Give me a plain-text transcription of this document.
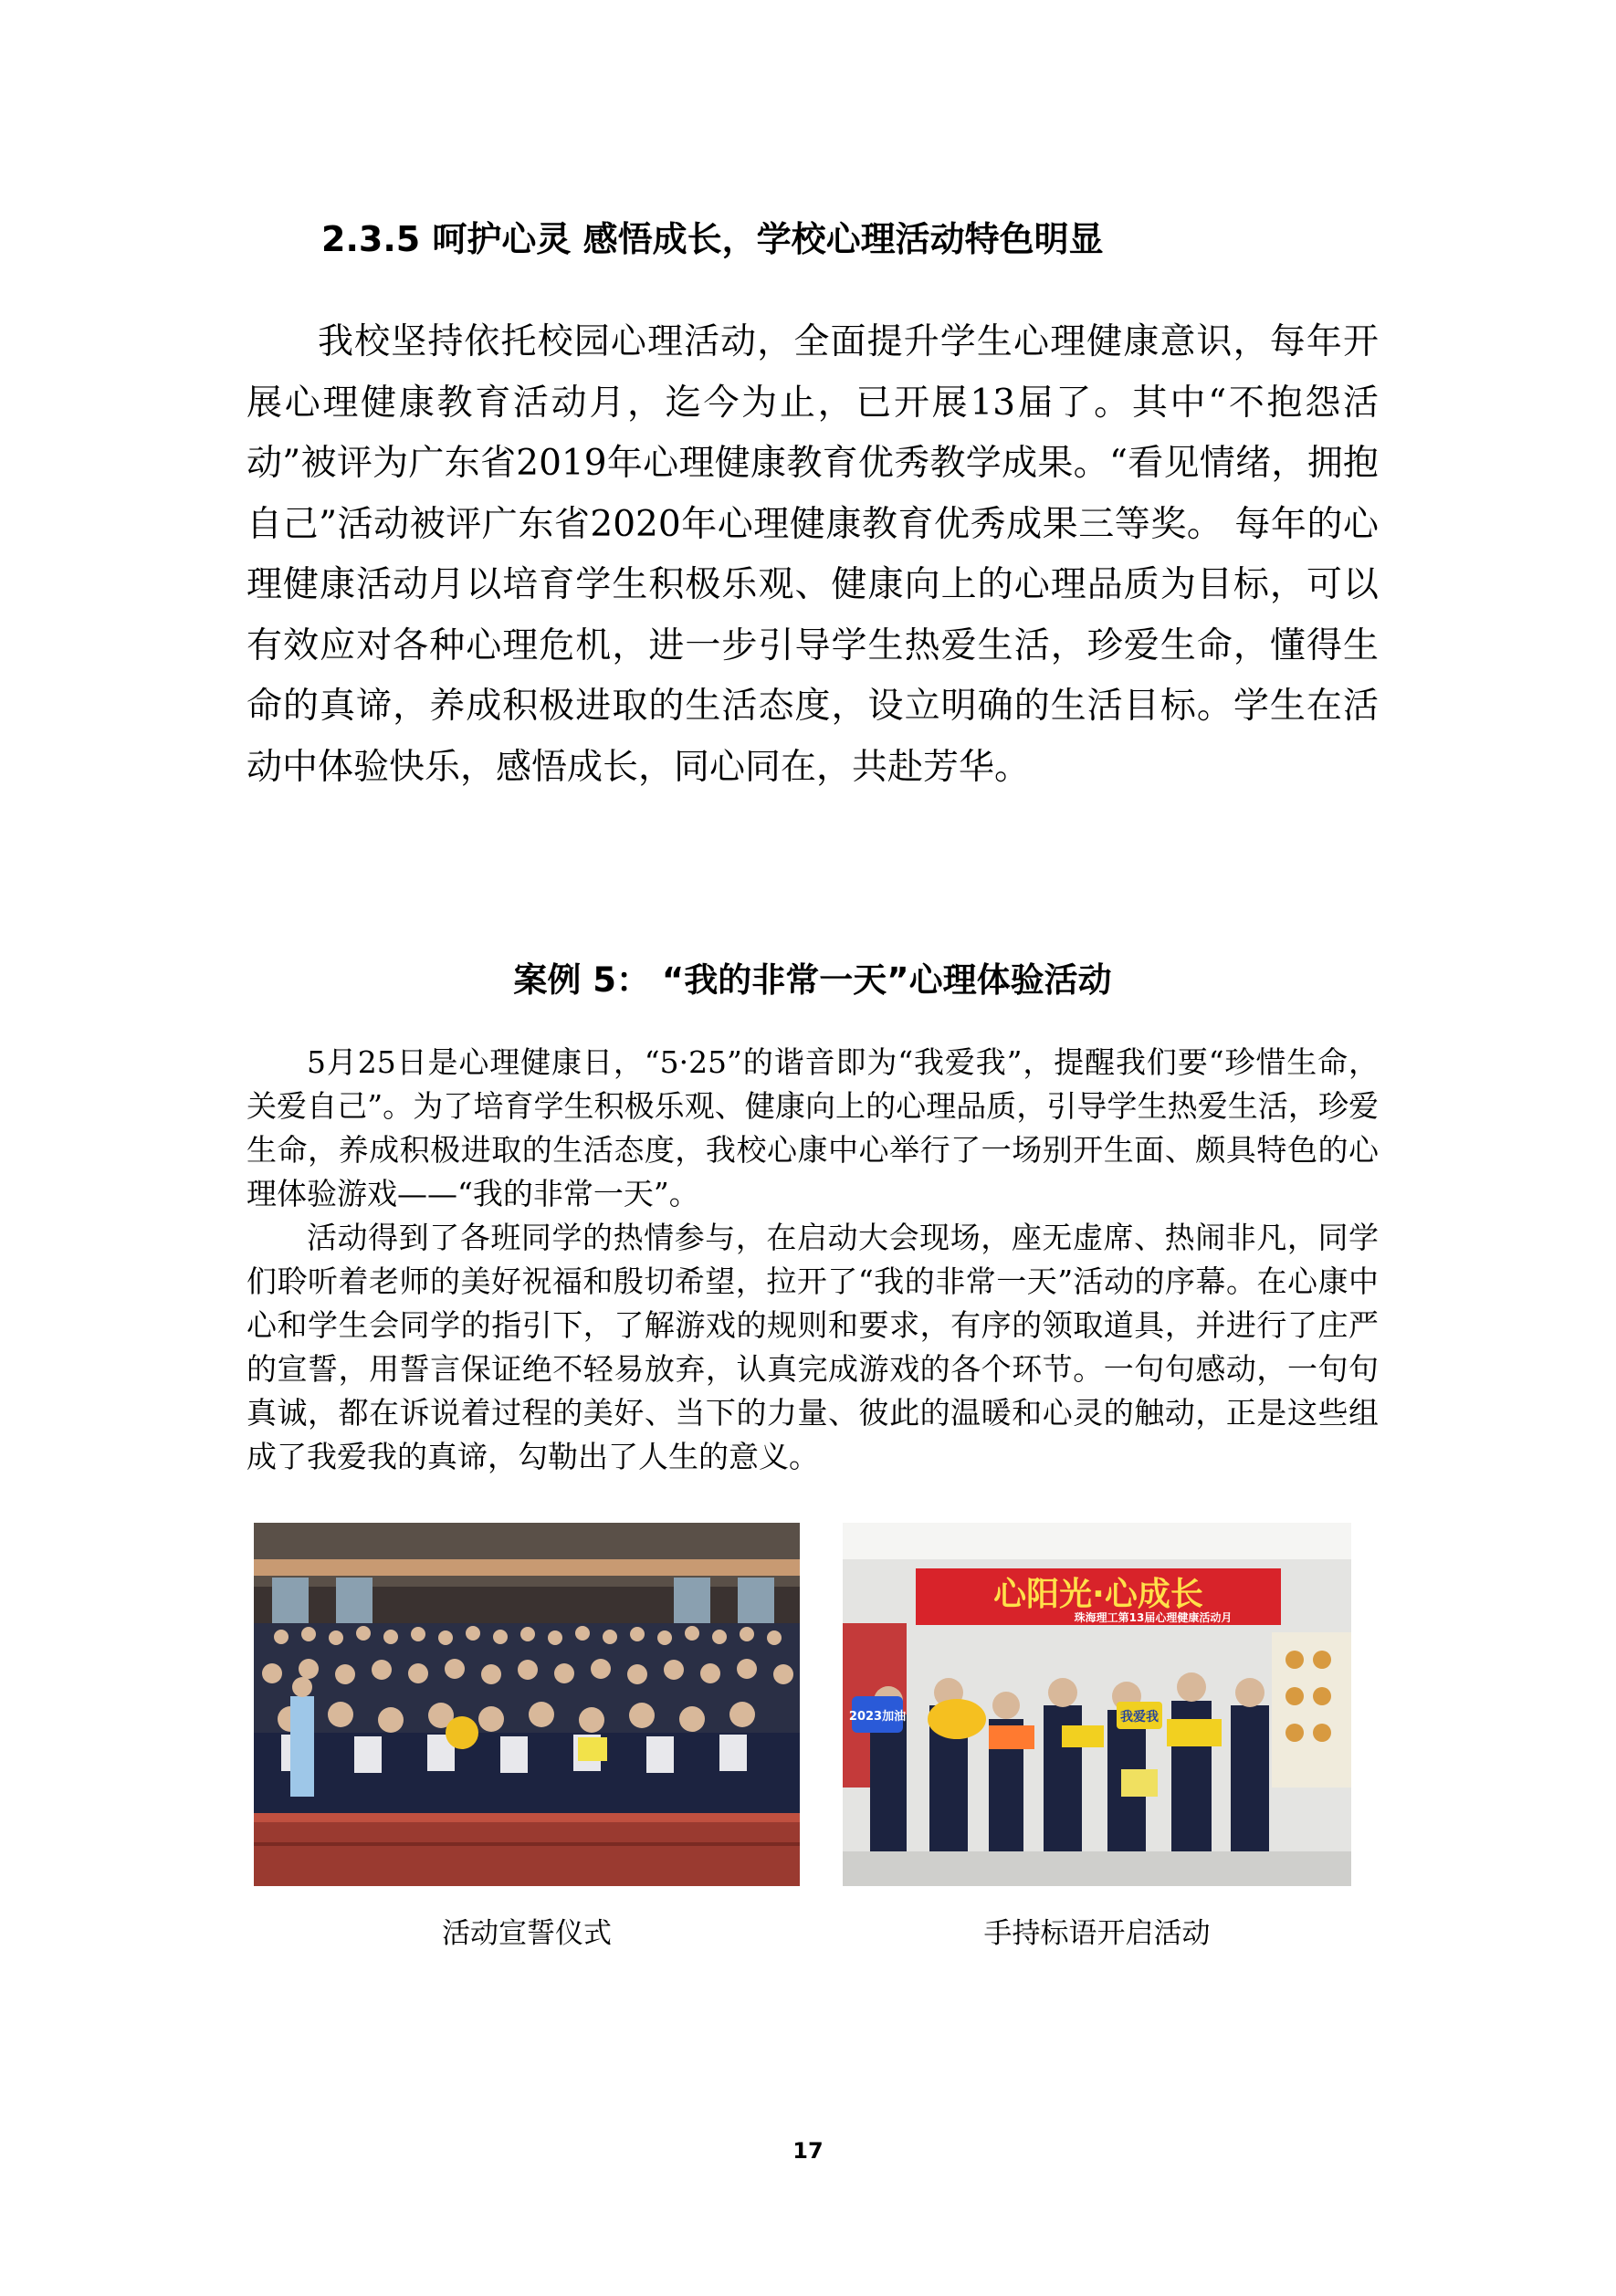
2.3.5 呵护心灵 感悟成长，学校心理活动特色明显

我校坚持依托校园心理活动，全面提升学生心理健康意识，每年开展心理健康教育活动月，迄今为止，已开展13届了。其中“不抱怨活动”被评为广东省2019年心理健康教育优秀教学成果。“看见情绪，拥抱自己”活动被评广东省2020年心理健康教育优秀成果三等奖。 每年的心理健康活动月以培育学生积极乐观、健康向上的心理品质为目标，可以有效应对各种心理危机，进一步引导学生热爱生活，珍爱生命，懂得生命的真谛，养成积极进取的生活态度，设立明确的生活目标。学生在活动中体验快乐，感悟成长，同心同在，共赴芳华。

案例 5： “我的非常一天”心理体验活动

5月25日是心理健康日，“5·25”的谐音即为“我爱我”，提醒我们要“珍惜生命，关爱自己”。为了培育学生积极乐观、健康向上的心理品质，引导学生热爱生活，珍爱生命，养成积极进取的生活态度，我校心康中心举行了一场别开生面、颇具特色的心理体验游戏——“我的非常一天”。

活动得到了各班同学的热情参与，在启动大会现场，座无虚席、热闹非凡，同学们聆听着老师的美好祝福和殷切希望，拉开了“我的非常一天”活动的序幕。在心康中心和学生会同学的指引下，了解游戏的规则和要求，有序的领取道具，并进行了庄严的宣誓，用誓言保证绝不轻易放弃，认真完成游戏的各个环节。一句句感动，一句句真诚，都在诉说着过程的美好、当下的力量、彼此的温暖和心灵的触动，正是这些组成了我爱我的真谛，勾勒出了人生的意义。

心阳光·心成长
珠海理工第13届心理健康活动月
2023加油	我爱我
活动宣誓仪式	手持标语开启活动
17
